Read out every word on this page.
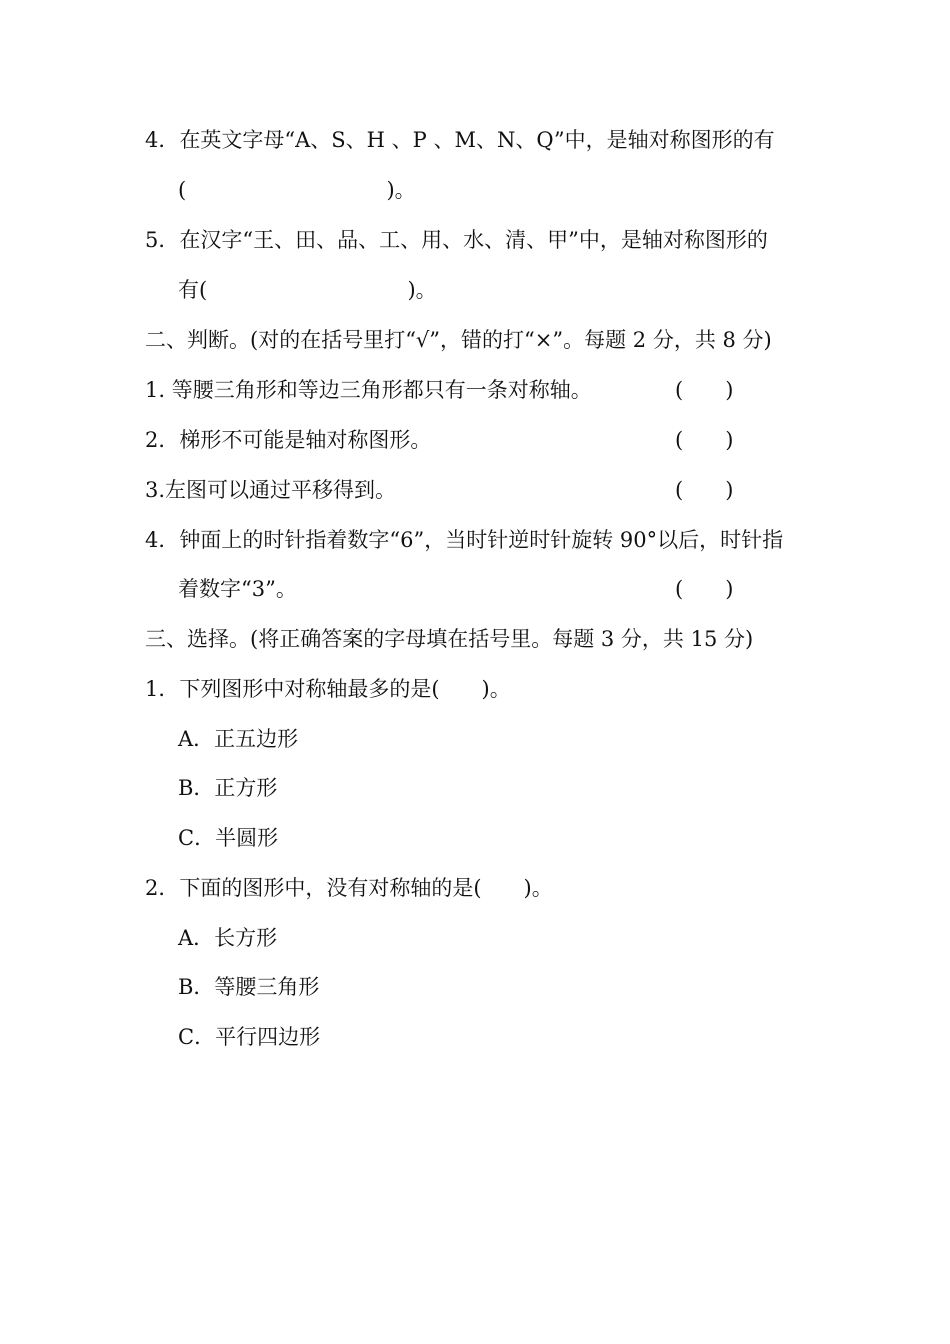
4．在英文字母“A、S、H 、P 、M、N、Q”中，是轴对称图形的有
(                              )。
5．在汉字“王、田、品、工、用、水、清、甲”中，是轴对称图形的
有(                              )。
二、判断。(对的在括号里打“√”，错的打“×”。每题 2 分，共 8 分)
1. 等腰三角形和等边三角形都只有一条对称轴。	(　　)
2．梯形不可能是轴对称图形。	(　　)
3.左图可以通过平移得到。	(　　)
4．钟面上的时针指着数字“6”，当时针逆时针旋转 90°以后，时针指
着数字“3”。	(　　)
三、选择。(将正确答案的字母填在括号里。每题 3 分，共 15 分)
1．下列图形中对称轴最多的是(　　)。
A．正五边形
B．正方形
C．半圆形
2．下面的图形中，没有对称轴的是(　　)。
A．长方形
B．等腰三角形
C．平行四边形
